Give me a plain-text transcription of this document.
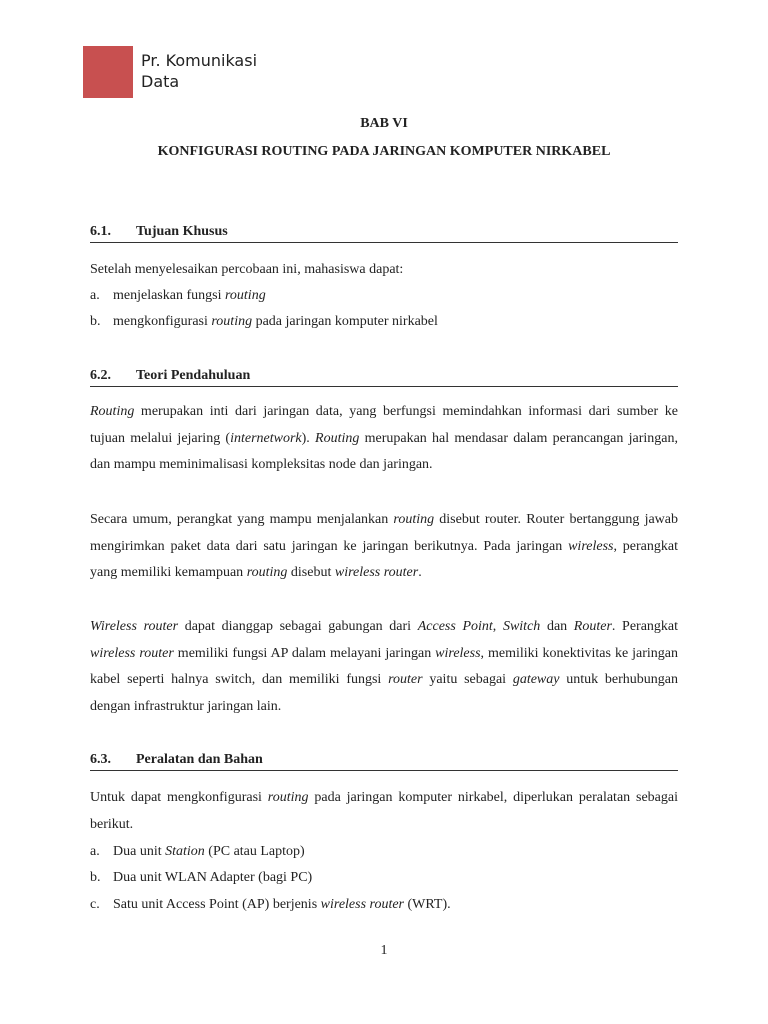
Pr. Komunikasi
Data
BAB VI
KONFIGURASI ROUTING PADA JARINGAN KOMPUTER NIRKABEL
6.1. Tujuan Khusus
Setelah menyelesaikan percobaan ini, mahasiswa dapat:
a. menjelaskan fungsi routing
b. mengkonfigurasi routing pada jaringan komputer nirkabel
6.2. Teori Pendahuluan
Routing merupakan inti dari jaringan data, yang berfungsi memindahkan informasi dari sumber ke tujuan melalui jejaring (internetwork). Routing merupakan hal mendasar dalam perancangan jaringan, dan mampu meminimalisasi kompleksitas node dan jaringan.
Secara umum, perangkat yang mampu menjalankan routing disebut router. Router bertanggung jawab mengirimkan paket data dari satu jaringan ke jaringan berikutnya. Pada jaringan wireless, perangkat yang memiliki kemampuan routing disebut wireless router.
Wireless router dapat dianggap sebagai gabungan dari Access Point, Switch dan Router. Perangkat wireless router memiliki fungsi AP dalam melayani jaringan wireless, memiliki konektivitas ke jaringan kabel seperti halnya switch, dan memiliki fungsi router yaitu sebagai gateway untuk berhubungan dengan infrastruktur jaringan lain.
6.3. Peralatan dan Bahan
Untuk dapat mengkonfigurasi routing pada jaringan komputer nirkabel, diperlukan peralatan sebagai berikut.
a. Dua unit Station (PC atau Laptop)
b. Dua unit WLAN Adapter (bagi PC)
c. Satu unit Access Point (AP) berjenis wireless router (WRT).
1
